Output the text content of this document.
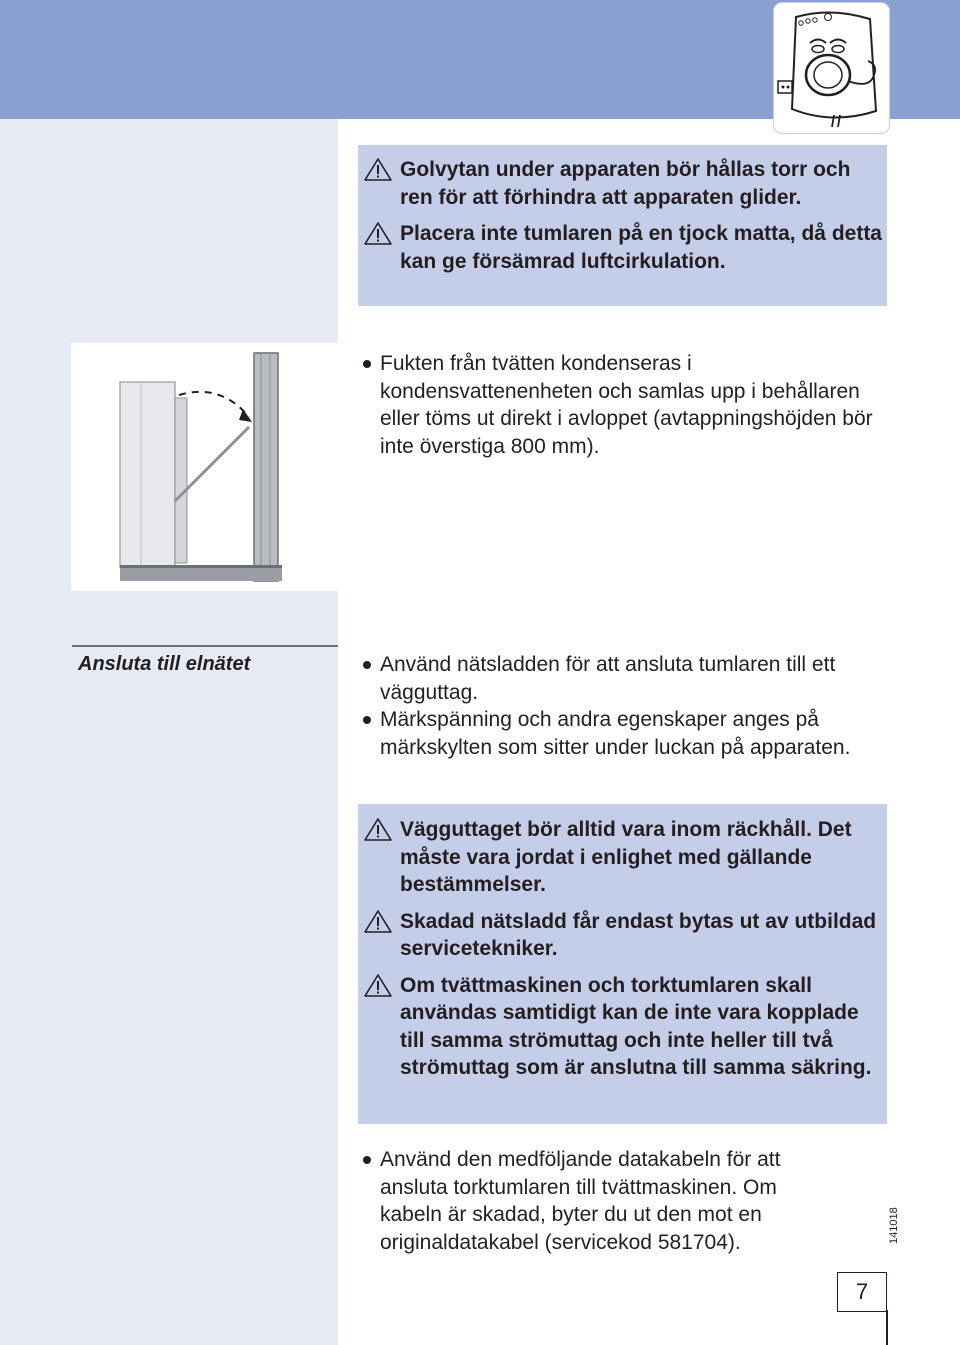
Golvytan under apparaten bör hållas torr och ren för att förhindra att apparaten glider.
Placera inte tumlaren på en tjock matta, då detta kan ge försämrad luftcirkulation.
Fukten från tvätten kondenseras i kondensvattenenheten och samlas upp i behållaren eller töms ut direkt i avloppet (avtappningshöjden bör inte överstiga 800 mm).
Ansluta till elnätet	Använd nätsladden för att ansluta tumlaren till ett vägguttag.
Märkspänning och andra egenskaper anges på märkskylten som sitter under luckan på apparaten.
Vägguttaget bör alltid vara inom räckhåll. Det måste vara jordat i enlighet med gällande bestämmelser.
Skadad nätsladd får endast bytas ut av utbildad servicetekniker.
Om tvättmaskinen och torktumlaren skall användas samtidigt kan de inte vara kopplade till samma strömuttag och inte heller till två strömuttag som är anslutna till samma säkring.
Använd den medföljande datakabeln för att ansluta torktumlaren till tvättmaskinen. Om kabeln är skadad, byter du ut den mot en originaldatakabel (servicekod 581704).	141018
7
